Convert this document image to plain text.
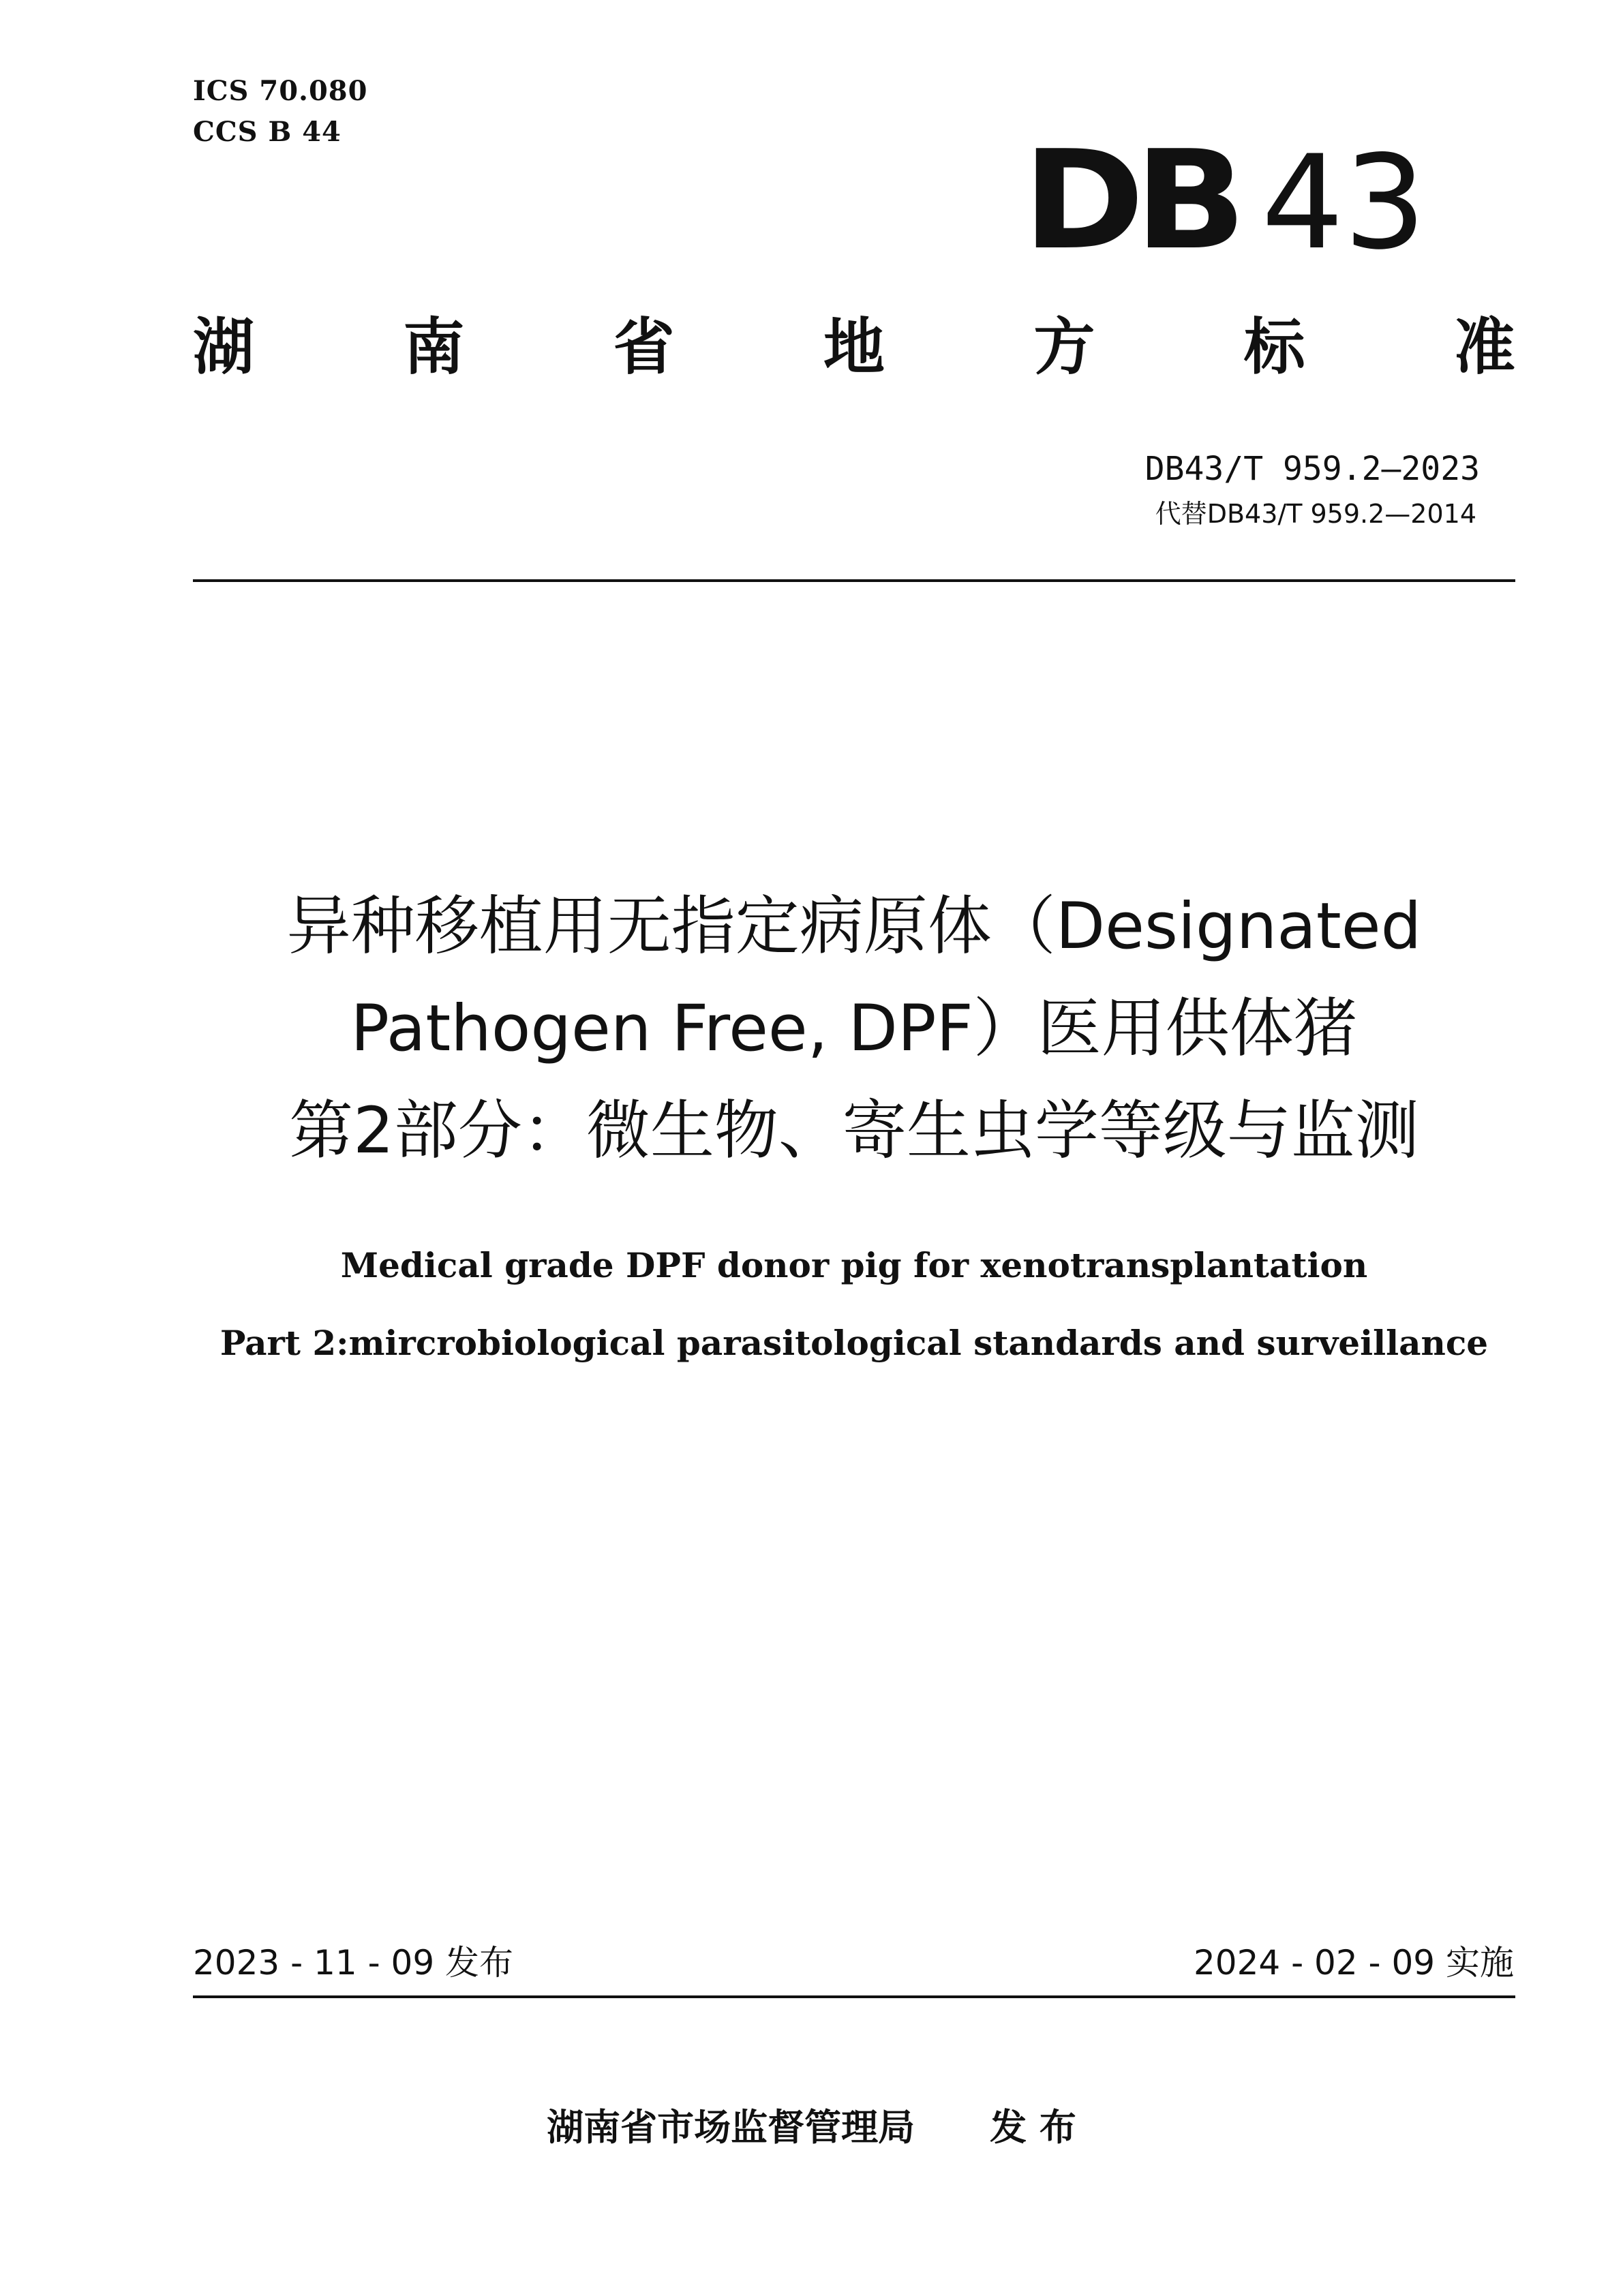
ICS 70.080
CCS B 44	DB 43
湖 南 省 地 方 标 准
DB43/T 959.2—2023
代替DB43/T 959.2—2014
异种移植用无指定病原体（Designated
Pathogen Free, DPF）医用供体猪
第2部分：微生物、寄生虫学等级与监测
Medical grade DPF donor pig for xenotransplantation
Part 2:mircrobiological parasitological standards and surveillance
2023 - 11 - 09 发布	2024 - 02 - 09 实施
湖南省市场监督管理局 发 布
